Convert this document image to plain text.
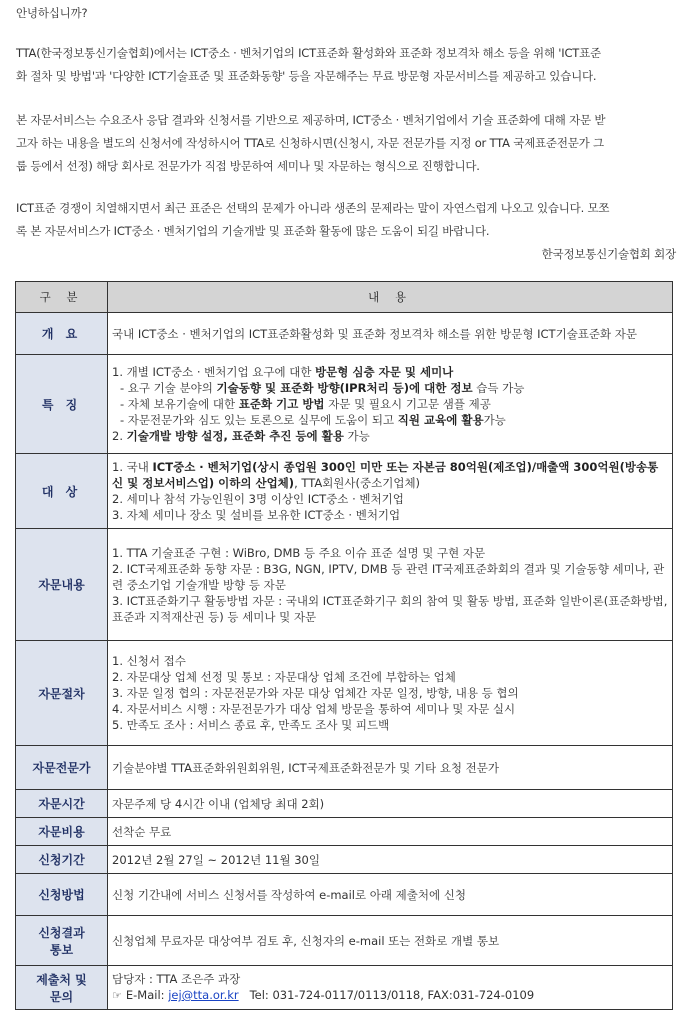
안녕하십니까?

TTA(한국정보통신기술협회)에서는 ICT중소 · 벤처기업의 ICT표준화 활성화와 표준화 정보격차 해소 등을 위해 'ICT표준

화 절차 및 방법'과 '다양한 ICT기술표준 및 표준화동향' 등을 자문해주는 무료 방문형 자문서비스를 제공하고 있습니다.

본 자문서비스는 수요조사 응답 결과와 신청서를 기반으로 제공하며, ICT중소 · 벤처기업에서 기술 표준화에 대해 자문 받

고자 하는 내용을 별도의 신청서에 작성하시어 TTA로 신청하시면(신청시, 자문 전문가를 지정 or TTA 국제표준전문가 그

룹 등에서 선정) 해당 회사로 전문가가 직접 방문하여 세미나 및 자문하는 형식으로 진행합니다.

ICT표준 경쟁이 치열해지면서 최근 표준은 선택의 문제가 아니라 생존의 문제라는 말이 자연스럽게 나오고 있습니다. 모쪼

록 본 자문서비스가 ICT중소 · 벤처기업의 기술개발 및 표준화 활동에 많은 도움이 되길 바랍니다.

한국정보통신기술협회 회장

구 분	내 용
개 요	국내 ICT중소 · 벤처기업의 ICT표준화활성화 및 표준화 정보격차 해소를 위한 방문형 ICT기술표준화 자문
특 징	1. 개별 ICT중소 · 벤처기업 요구에 대한 방문형 심층 자문 및 세미나
- 요구 기술 분야의 기술동향 및 표준화 방향(IPR처리 등)에 대한 정보 습득 가능
- 자체 보유기술에 대한 표준화 기고 방법 자문 및 필요시 기고문 샘플 제공
- 자문전문가와 심도 있는 토론으로 실무에 도움이 되고 직원 교육에 활용가능
2. 기술개발 방향 설정, 표준화 추진 등에 활용 가능

대 상	1. 국내 ICT중소 · 벤처기업(상시 종업원 300인 미만 또는 자본금 80억원(제조업)/매출액 300억원(방송통신 및 정보서비스업) 이하의 산업체), TTA회원사(중소기업체)
2. 세미나 참석 가능인원이 3명 이상인 ICT중소 · 벤처기업
3. 자체 세미나 장소 및 설비를 보유한 ICT중소 · 벤처기업

자문내용	1. TTA 기술표준 구현 : WiBro, DMB 등 주요 이슈 표준 설명 및 구현 자문
2. ICT국제표준화 동향 자문 : B3G, NGN, IPTV, DMB 등 관련 IT국제표준화회의 결과 및 기술동향 세미나, 관련 중소기업 기술개발 방향 등 자문
3. ICT표준화기구 활동방법 자문 : 국내외 ICT표준화기구 회의 참여 및 활동 방법, 표준화 일반이론(표준화방법, 표준과 지적재산권 등) 등 세미나 및 자문

자문절차	1. 신청서 접수
2. 자문대상 업체 선정 및 통보 : 자문대상 업체 조건에 부합하는 업체
3. 자문 일정 협의 : 자문전문가와 자문 대상 업체간 자문 일정, 방향, 내용 등 협의
4. 자문서비스 시행 : 자문전문가가 대상 업체 방문을 통하여 세미나 및 자문 실시
5. 만족도 조사 : 서비스 종료 후, 만족도 조사 및 피드백

자문전문가	기술분야별 TTA표준화위원회위원, ICT국제표준화전문가 및 기타 요청 전문가
자문시간	자문주제 당 4시간 이내 (업체당 최대 2회)
자문비용	선착순 무료
신청기간	2012년 2월 27일 ~ 2012년 11월 30일
신청방법	신청 기간내에 서비스 신청서를 작성하여 e-mail로 아래 제출처에 신청

신청결과
통보	신청업체 무료자문 대상여부 검토 후, 신청자의 e-mail 또는 전화로 개별 통보

제출처 및
문의	담당자 : TTA 조은주 과장
☞ E-Mail: jej@tta.or.kr Tel: 031-724-0117/0113/0118, FAX:031-724-0109
